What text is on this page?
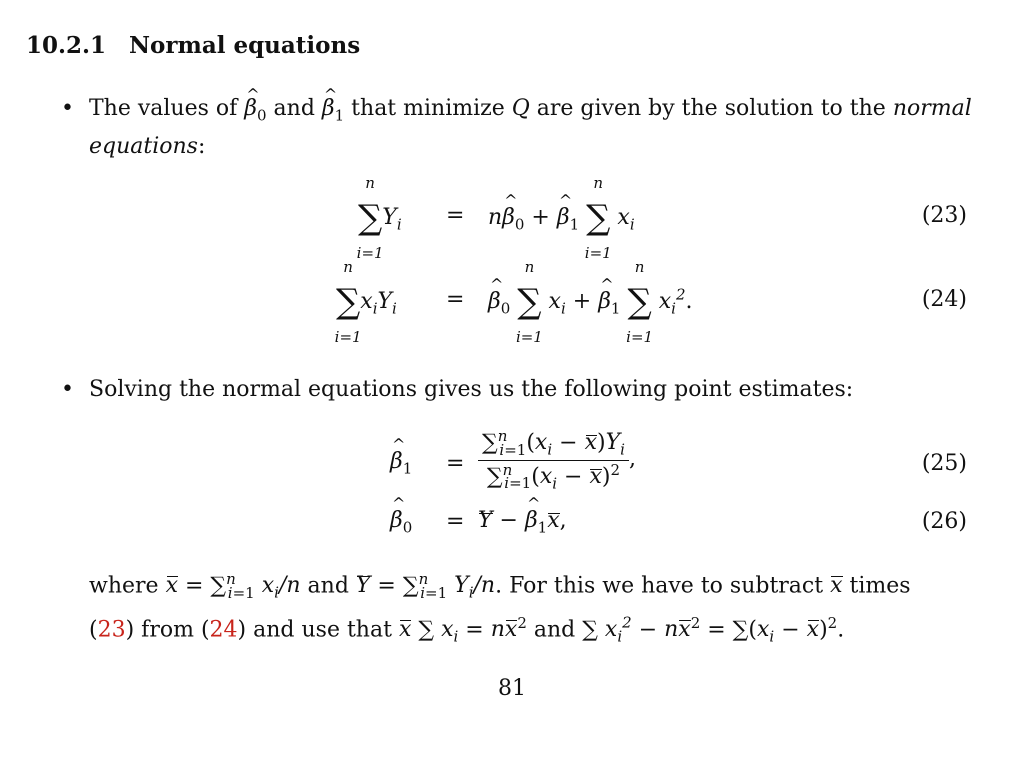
10.2.1 Normal equations
• The values of ^ $\beta_0$ and ^ $\beta_1$ that minimize Q are given by the solution to the normal
equations:
n
∑
i=1
$Y_i$ = n^ $\beta_0$ + ^ $\beta_1$
n
∑
i=1
$x_i$	(23)
n
∑
i=1
$x_iY_i$ =
^ $\beta_0$
n
∑
i=1
$x_i$ + ^ $\beta_1$
n
∑
i=1
$x_i^2$.	(24)
• Solving the normal equations gives us the following point estimates:
^ $\beta_1 = \frac{\sum^n_{i=1}(x_i - x)Y_i}{\sum^n_{i=1}(x_i - x)^2}$ ,	(25)
^ $\beta_0 = Y$ − ^ $\beta_1x$,	(26)
where x = ∑$^n_{i=1}$ $x_i/n$ and Y = ∑$^n_{i=1}$ $Y_i/n$. For this we have to subtract x times
(23) from (24) and use that x ∑ $x_i = nx^2$ and ∑ $x_i^2 - nx^2 = \sum(x_i - x)^2$.
81
